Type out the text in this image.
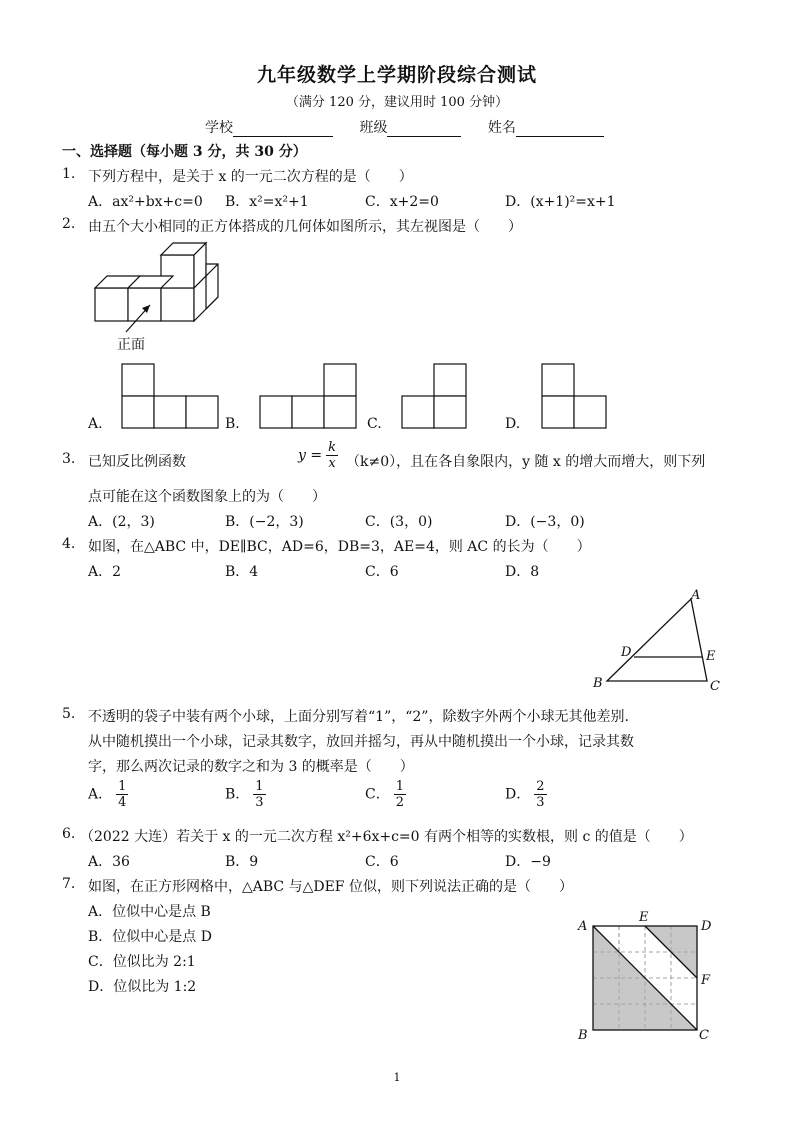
九年级数学上学期阶段综合测试
（满分 120 分，建议用时 100 分钟）
学校	班级	姓名
一、选择题（每小题 3 分，共 30 分）
1. 下列方程中，是关于 x 的一元二次方程的是（　　）
A．ax²+bx+c=0 B．x²=x²+1	C．x+2=0	D．(x+1)²=x+1
2. 由五个大小相同的正方体搭成的几何体如图所示，其左视图是（　　）
正面
A.	B.	C.	D.
3. 已知反比例函数	$y = \frac{k}{x} (k\ne 0)$，且在各自象限内，y 随 x 的增大而增大，则下列
点可能在这个函数图象上的为（　　）
A．(2，3)	B．(−2，3)	C．(3，0)	D．(−3，0)
4. 如图，在△ABC 中，DE∥BC，AD=6，DB=3，AE=4，则 AC 的长为（　　）
A．2	B．4	C．6	D．8
A
D	E
B	C
5. 不透明的袋子中装有两个小球，上面分别写着“1”，“2”，除数字外两个小球无其他差别.
从中随机摸出一个小球，记录其数字，放回并摇匀，再从中随机摸出一个小球，记录其数
字，那么两次记录的数字之和为 3 的概率是（　　）
A． $\frac{1}{4}$	B． $\frac{1}{3}$	C． $\frac{1}{2}$	D． $\frac{2}{3}$
6. （2022 大连）若关于 x 的一元二次方程 x²+6x+c=0 有两个相等的实数根，则 c 的值是（　　）
A．36	B．9	C．6	D．−9
7. 如图，在正方形网格中，△ABC 与△DEF 位似，则下列说法正确的是（　　）
A．位似中心是点 B
B．位似中心是点 D
C．位似比为 2:1
D．位似比为 1:2
A
E
D
F
B	C
1
